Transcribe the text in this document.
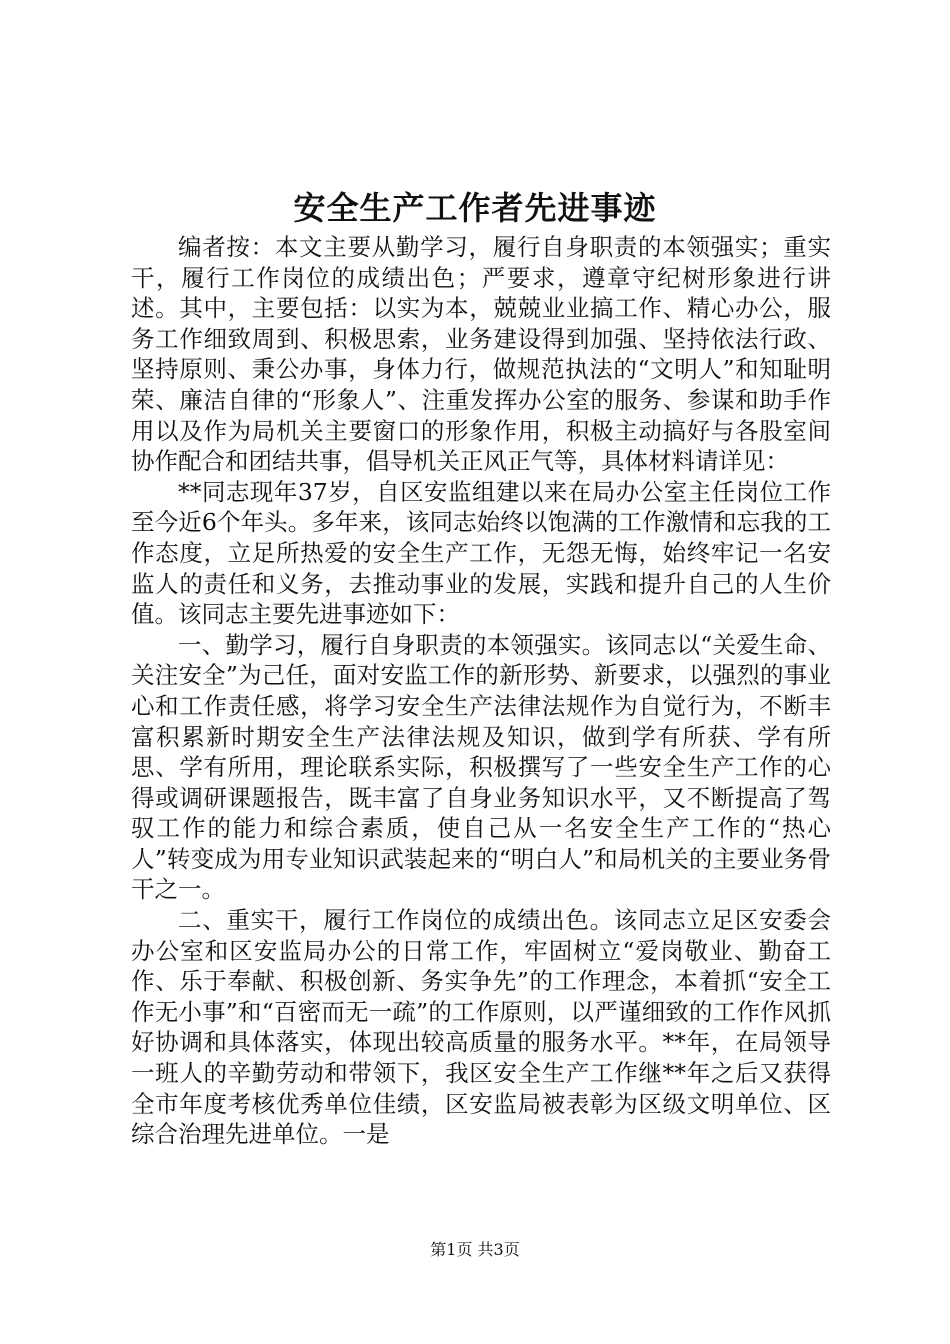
安全生产工作者先进事迹

编者按：本文主要从勤学习，履行自身职责的本领强实；重实干，履行工作岗位的成绩出色；严要求，遵章守纪树形象进行讲述。其中，主要包括：以实为本，兢兢业业搞工作、精心办公，服务工作细致周到、积极思索，业务建设得到加强、坚持依法行政、坚持原则、秉公办事，身体力行，做规范执法的“文明人”和知耻明荣、廉洁自律的“形象人”、注重发挥办公室的服务、参谋和助手作用以及作为局机关主要窗口的形象作用，积极主动搞好与各股室间协作配合和团结共事，倡导机关正风正气等，具体材料请详见：

**同志现年37岁，自区安监组建以来在局办公室主任岗位工作至今近6个年头。多年来，该同志始终以饱满的工作激情和忘我的工作态度，立足所热爱的安全生产工作，无怨无悔，始终牢记一名安监人的责任和义务，去推动事业的发展，实践和提升自己的人生价值。该同志主要先进事迹如下：

一、勤学习，履行自身职责的本领强实。该同志以“关爱生命、关注安全”为己任，面对安监工作的新形势、新要求，以强烈的事业心和工作责任感，将学习安全生产法律法规作为自觉行为，不断丰富积累新时期安全生产法律法规及知识，做到学有所获、学有所思、学有所用，理论联系实际，积极撰写了一些安全生产工作的心得或调研课题报告，既丰富了自身业务知识水平，又不断提高了驾驭工作的能力和综合素质，使自己从一名安全生产工作的“热心人”转变成为用专业知识武装起来的“明白人”和局机关的主要业务骨干之一。

二、重实干，履行工作岗位的成绩出色。该同志立足区安委会办公室和区安监局办公的日常工作，牢固树立“爱岗敬业、勤奋工作、乐于奉献、积极创新、务实争先”的工作理念，本着抓“安全工作无小事”和“百密而无一疏”的工作原则，以严谨细致的工作作风抓好协调和具体落实，体现出较高质量的服务水平。**年，在局领导一班人的辛勤劳动和带领下，我区安全生产工作继**年之后又获得全市年度考核优秀单位佳绩，区安监局被表彰为区级文明单位、区综合治理先进单位。一是

第1页 共3页
